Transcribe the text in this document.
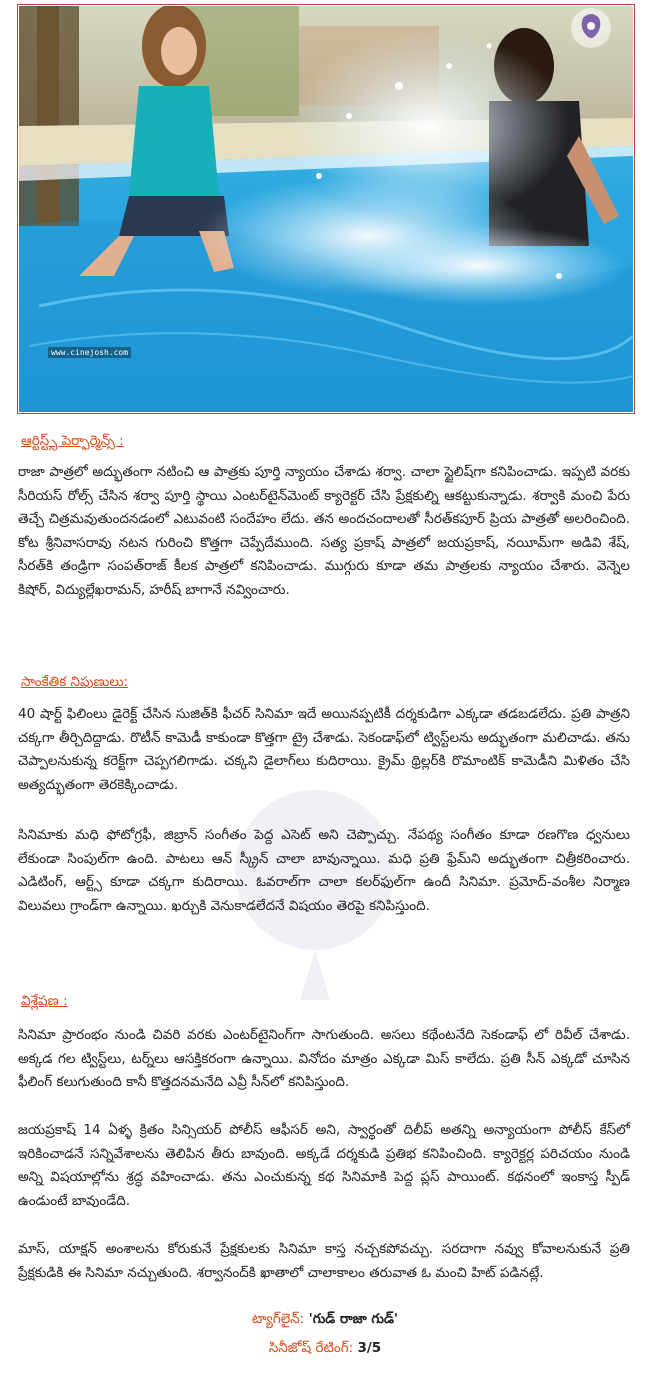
www.cinejosh.com
ఆర్టిస్ట్స్ పెర్ఫార్మెన్స్ :

రాజా పాత్రలో అద్భుతంగా నటించి ఆ పాత్రకు పూర్తి న్యాయం చేశాడు శర్వా. చాలా స్టైలిష్‌గా కనిపించాడు. ఇప్పటి వరకు సీరియస్ రోల్స్ చేసిన శర్వా పూర్తి స్థాయి ఎంటర్‌టైన్‌మెంట్ క్యారెక్టర్ చేసి ప్రేక్షకుల్ని ఆకట్టుకున్నాడు. శర్వాకి మంచి పేరు తెచ్చే చిత్రమవుతుందనడంలో ఎటువంటి సందేహం లేదు. తన అందచందాలతో సీరత్‌కపూర్ ప్రియ పాత్రతో అలరించింది. కోట శ్రీనివాసరావు నటన గురించి కొత్తగా చెప్పేదేముంది. సత్య ప్రకాష్ పాత్రలో జయప్రకాష్, నయీమ్‌గా అడివి శేష్, సీరత్‌కి తండ్రిగా సంపత్‌రాజ్ కీలక పాత్రలో కనిపించాడు. ముగ్గురు కూడా తమ పాత్రలకు న్యాయం చేశారు. వెన్నెల కిషోర్, విద్యుల్లేఖరామన్, హరీష్ బాగానే నవ్వించారు.

సాంకేతిక నిపుణులు:

40 షార్ట్ ఫిలింలు డైరెక్ట్ చేసిన సుజిత్‌కి ఫీచర్ సినిమా ఇదే అయినప్పటికీ దర్శకుడిగా ఎక్కడా తడబడలేదు. ప్రతి పాత్రని చక్కగా తీర్చిదిద్దాడు. రొటీన్ కామెడీ కాకుండా కొత్తగా ట్రై చేశాడు. సెకండాఫ్‌లో ట్విస్ట్‌లను అద్భుతంగా మలిచాడు. తను చెప్పాలనుకున్న కరెక్ట్‌గా చెప్పగలిగాడు. చక్కని డైలాగ్‌లు కుదిరాయి. క్రైమ్ థ్రిల్లర్‌కి రొమాంటిక్ కామెడీని మిళితం చేసి అత్యద్భుతంగా తెరకెక్కించాడు.

సినిమాకు మధి ఫోటోగ్రఫీ, జిబ్రాన్ సంగీతం పెద్ద ఎసెట్ అని చెప్పొచ్చు. నేపథ్య సంగీతం కూడా రణగొణ ధ్వనులు లేకుండా సింపుల్‌గా ఉంది. పాటలు ఆన్ స్క్రీన్ చాలా బావున్నాయి. మధి ప్రతి ఫ్రేమ్‌ని అద్భుతంగా చిత్రీకరించారు. ఎడిటింగ్, ఆర్ట్స్ కూడా చక్కగా కుదిరాయి. ఓవరాల్‌గా చాలా కలర్‌ఫుల్‌గా ఉందీ సినిమా. ప్రమోద్-వంశీల నిర్మాణ విలువలు గ్రాండ్‌గా ఉన్నాయి. ఖర్చుకి వెనుకాడలేదనే విషయం తెరపై కనిపిస్తుంది.

విశ్లేషణ :

సినిమా ప్రారంభం నుండి చివరి వరకు ఎంటర్‌టైనింగ్‌గా సాగుతుంది. అసలు కథేంటనేది సెకండాఫ్ లో రివీల్ చేశాడు. అక్కడ గల ట్విస్ట్‌లు, టర్న్‌లు ఆసక్తికరంగా ఉన్నాయి. వినోదం మాత్రం ఎక్కడా మిస్ కాలేదు. ప్రతి సీన్ ఎక్కడో చూసిన ఫీలింగ్ కలుగుతుంది కానీ కొత్తదనమనేది ఎవ్రీ సీన్‌లో కనిపిస్తుంది.

జయప్రకాష్ 14 ఏళ్ళ క్రితం సిన్సియర్ పోలీస్ ఆఫీసర్ అని, స్వార్థంతో దిలీప్ అతన్ని అన్యాయంగా పోలీస్ కేస్‌లో ఇరికించాడనే సన్నివేశాలను తెలిపిన తీరు బావుంది. అక్కడే దర్శకుడి ప్రతిభ కనిపించింది. క్యారెక్టర్ల పరిచయం నుండి అన్ని విషయాల్లోను శ్రద్ధ వహించాడు. తను ఎంచుకున్న కథ సినిమాకి పెద్ద ప్లస్ పాయింట్. కథనంలో ఇంకాస్త స్పీడ్ ఉండుంటే బావుండేది.

మాస్, యాక్షన్ అంశాలను కోరుకునే ప్రేక్షకులకు సినిమా కాస్త నచ్చకపోవచ్చు. సరదాగా నవ్వు కోవాలనుకునే ప్రతి ప్రేక్షకుడికి ఈ సినిమా నచ్చుతుంది. శర్వానంద్‌కి ఖాతాలో చాలాకాలం తరువాత ఓ మంచి హిట్ పడినట్లే.

ట్యాగ్‌లైన్: 'గుడ్ రాజా గుడ్'
సినీజోష్ రేటింగ్: 3/5
